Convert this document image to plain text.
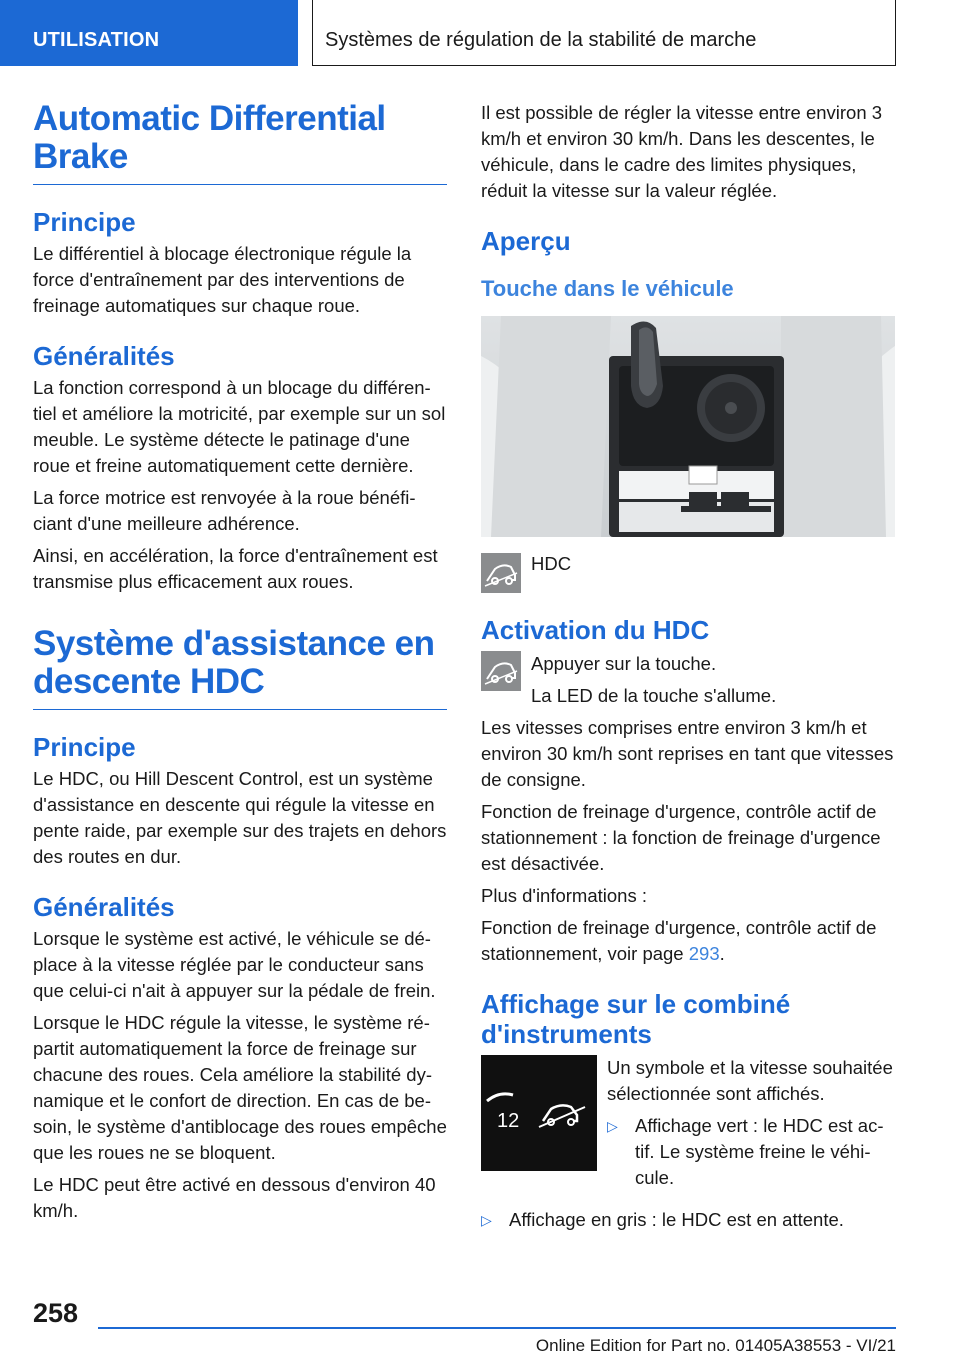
UTILISATION	Systèmes de régulation de la stabilité de marche
Automatic Differential Brake
Principe

Le différentiel à blocage électronique régule la force d'entraînement par des interventions de freinage automatiques sur chaque roue.

Généralités

La fonction correspond à un blocage du différentiel et améliore la motricité, par exemple sur un sol meuble. Le système détecte le patinage d'une roue et freine automatiquement cette dernière.

La force motrice est renvoyée à la roue bénéficiant d'une meilleure adhérence.

Ainsi, en accélération, la force d'entraînement est transmise plus efficacement aux roues.

Système d'assistance en descente HDC
Principe

Le HDC, ou Hill Descent Control, est un système d'assistance en descente qui régule la vitesse en pente raide, par exemple sur des trajets en dehors des routes en dur.

Généralités

Lorsque le système est activé, le véhicule se déplace à la vitesse réglée par le conducteur sans que celui-ci n'ait à appuyer sur la pédale de frein.

Lorsque le HDC régule la vitesse, le système répartit automatiquement la force de freinage sur chacune des roues. Cela améliore la stabilité dynamique et le confort de direction. En cas de besoin, le système d'antiblocage des roues empêche que les roues ne se bloquent.

Le HDC peut être activé en dessous d'environ 40 km/h.

Il est possible de régler la vitesse entre environ 3 km/h et environ 30 km/h. Dans les descentes, le véhicule, dans le cadre des limites physiques, réduit la vitesse sur la valeur réglée.

Aperçu
Touche dans le véhicule

HDC

Activation du HDC

Appuyer sur la touche.

La LED de la touche s'allume.

Les vitesses comprises entre environ 3 km/h et environ 30 km/h sont reprises en tant que vitesses de consigne.

Fonction de freinage d'urgence, contrôle actif de stationnement : la fonction de freinage d'urgence est désactivée.

Plus d'informations :

Fonction de freinage d'urgence, contrôle actif de stationnement, voir page 293.

Affichage sur le combiné d'instruments
12

Un symbole et la vitesse souhaitée sélectionnée sont affichés.

▷ Affichage vert : le HDC est actif. Le système freine le véhicule.

▷ Affichage en gris : le HDC est en attente.

258
Online Edition for Part no. 01405A38553 - VI/21
